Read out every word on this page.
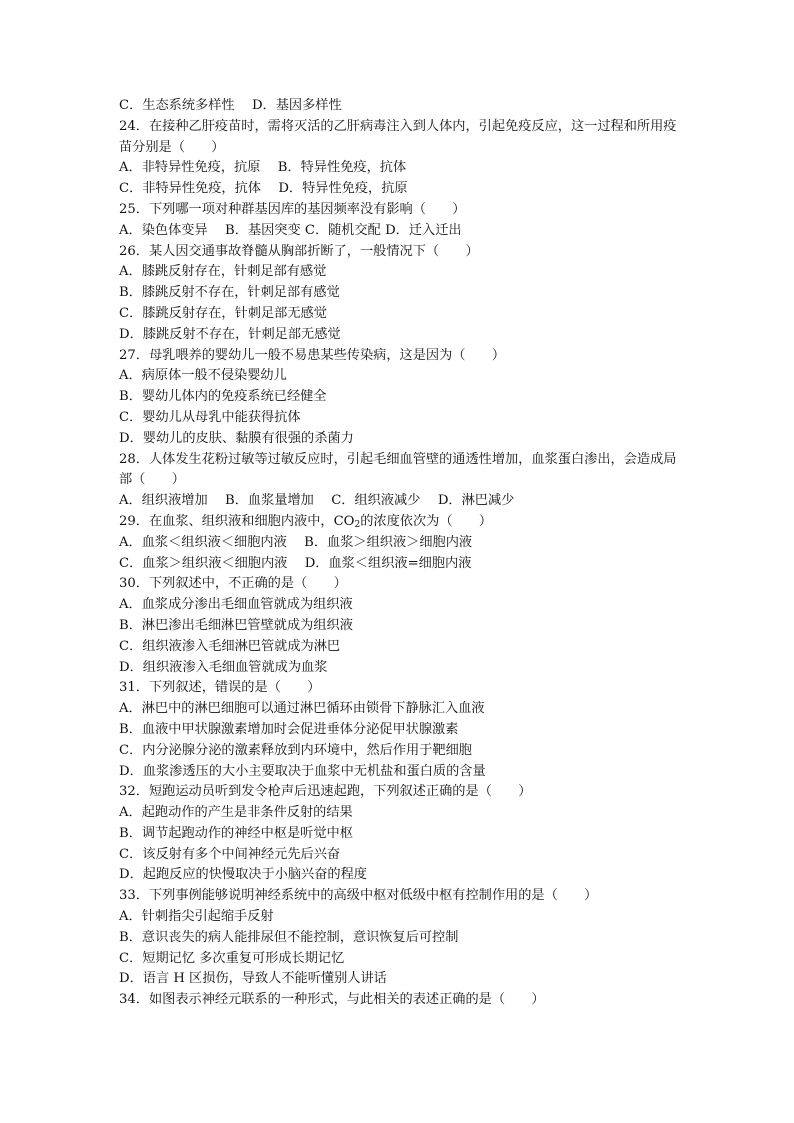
C．生态系统多样性　 D．基因多样性
24．在接种乙肝疫苗时，需将灭活的乙肝病毒注入到人体内，引起免疫反应，这一过程和所用疫苗分别是（　　）
A．非特异性免疫，抗原　 B．特异性免疫，抗体
C．非特异性免疫，抗体　 D．特异性免疫，抗原
25．下列哪一项对种群基因库的基因频率没有影响（　　）
A．染色体变异　 B．基因突变 C．随机交配 D．迁入迁出
26．某人因交通事故脊髓从胸部折断了，一般情况下（　　）
A．膝跳反射存在，针刺足部有感觉
B．膝跳反射不存在，针刺足部有感觉
C．膝跳反射存在，针刺足部无感觉
D．膝跳反射不存在，针刺足部无感觉
27．母乳喂养的婴幼儿一般不易患某些传染病，这是因为（　　）
A．病原体一般不侵染婴幼儿
B．婴幼儿体内的免疫系统已经健全
C．婴幼儿从母乳中能获得抗体
D．婴幼儿的皮肤、黏膜有很强的杀菌力
28．人体发生花粉过敏等过敏反应时，引起毛细血管壁的通透性增加，血浆蛋白渗出，会造成局部（　　）
A．组织液增加　 B．血浆量增加　 C．组织液减少　 D．淋巴减少
29．在血浆、组织液和细胞内液中，$CO_2$的浓度依次为（　　）
A．血浆＜组织液＜细胞内液　 B．血浆＞组织液＞细胞内液
C．血浆＞组织液＜细胞内液　 D．血浆＜组织液=细胞内液
30．下列叙述中，不正确的是（　　）
A．血浆成分渗出毛细血管就成为组织液
B．淋巴渗出毛细淋巴管壁就成为组织液
C．组织液渗入毛细淋巴管就成为淋巴
D．组织液渗入毛细血管就成为血浆
31．下列叙述，错误的是（　　）
A．淋巴中的淋巴细胞可以通过淋巴循环由锁骨下静脉汇入血液
B．血液中甲状腺激素增加时会促进垂体分泌促甲状腺激素
C．内分泌腺分泌的激素释放到内环境中，然后作用于靶细胞
D．血浆渗透压的大小主要取决于血浆中无机盐和蛋白质的含量
32．短跑运动员听到发令枪声后迅速起跑，下列叙述正确的是（　　）
A．起跑动作的产生是非条件反射的结果
B．调节起跑动作的神经中枢是听觉中枢
C．该反射有多个中间神经元先后兴奋
D．起跑反应的快慢取决于小脑兴奋的程度
33．下列事例能够说明神经系统中的高级中枢对低级中枢有控制作用的是（　　）
A．针刺指尖引起缩手反射
B．意识丧失的病人能排尿但不能控制，意识恢复后可控制
C．短期记忆 多次重复可形成长期记忆
D．语言 H 区损伤，导致人不能听懂别人讲话
34．如图表示神经元联系的一种形式，与此相关的表述正确的是（　　）
